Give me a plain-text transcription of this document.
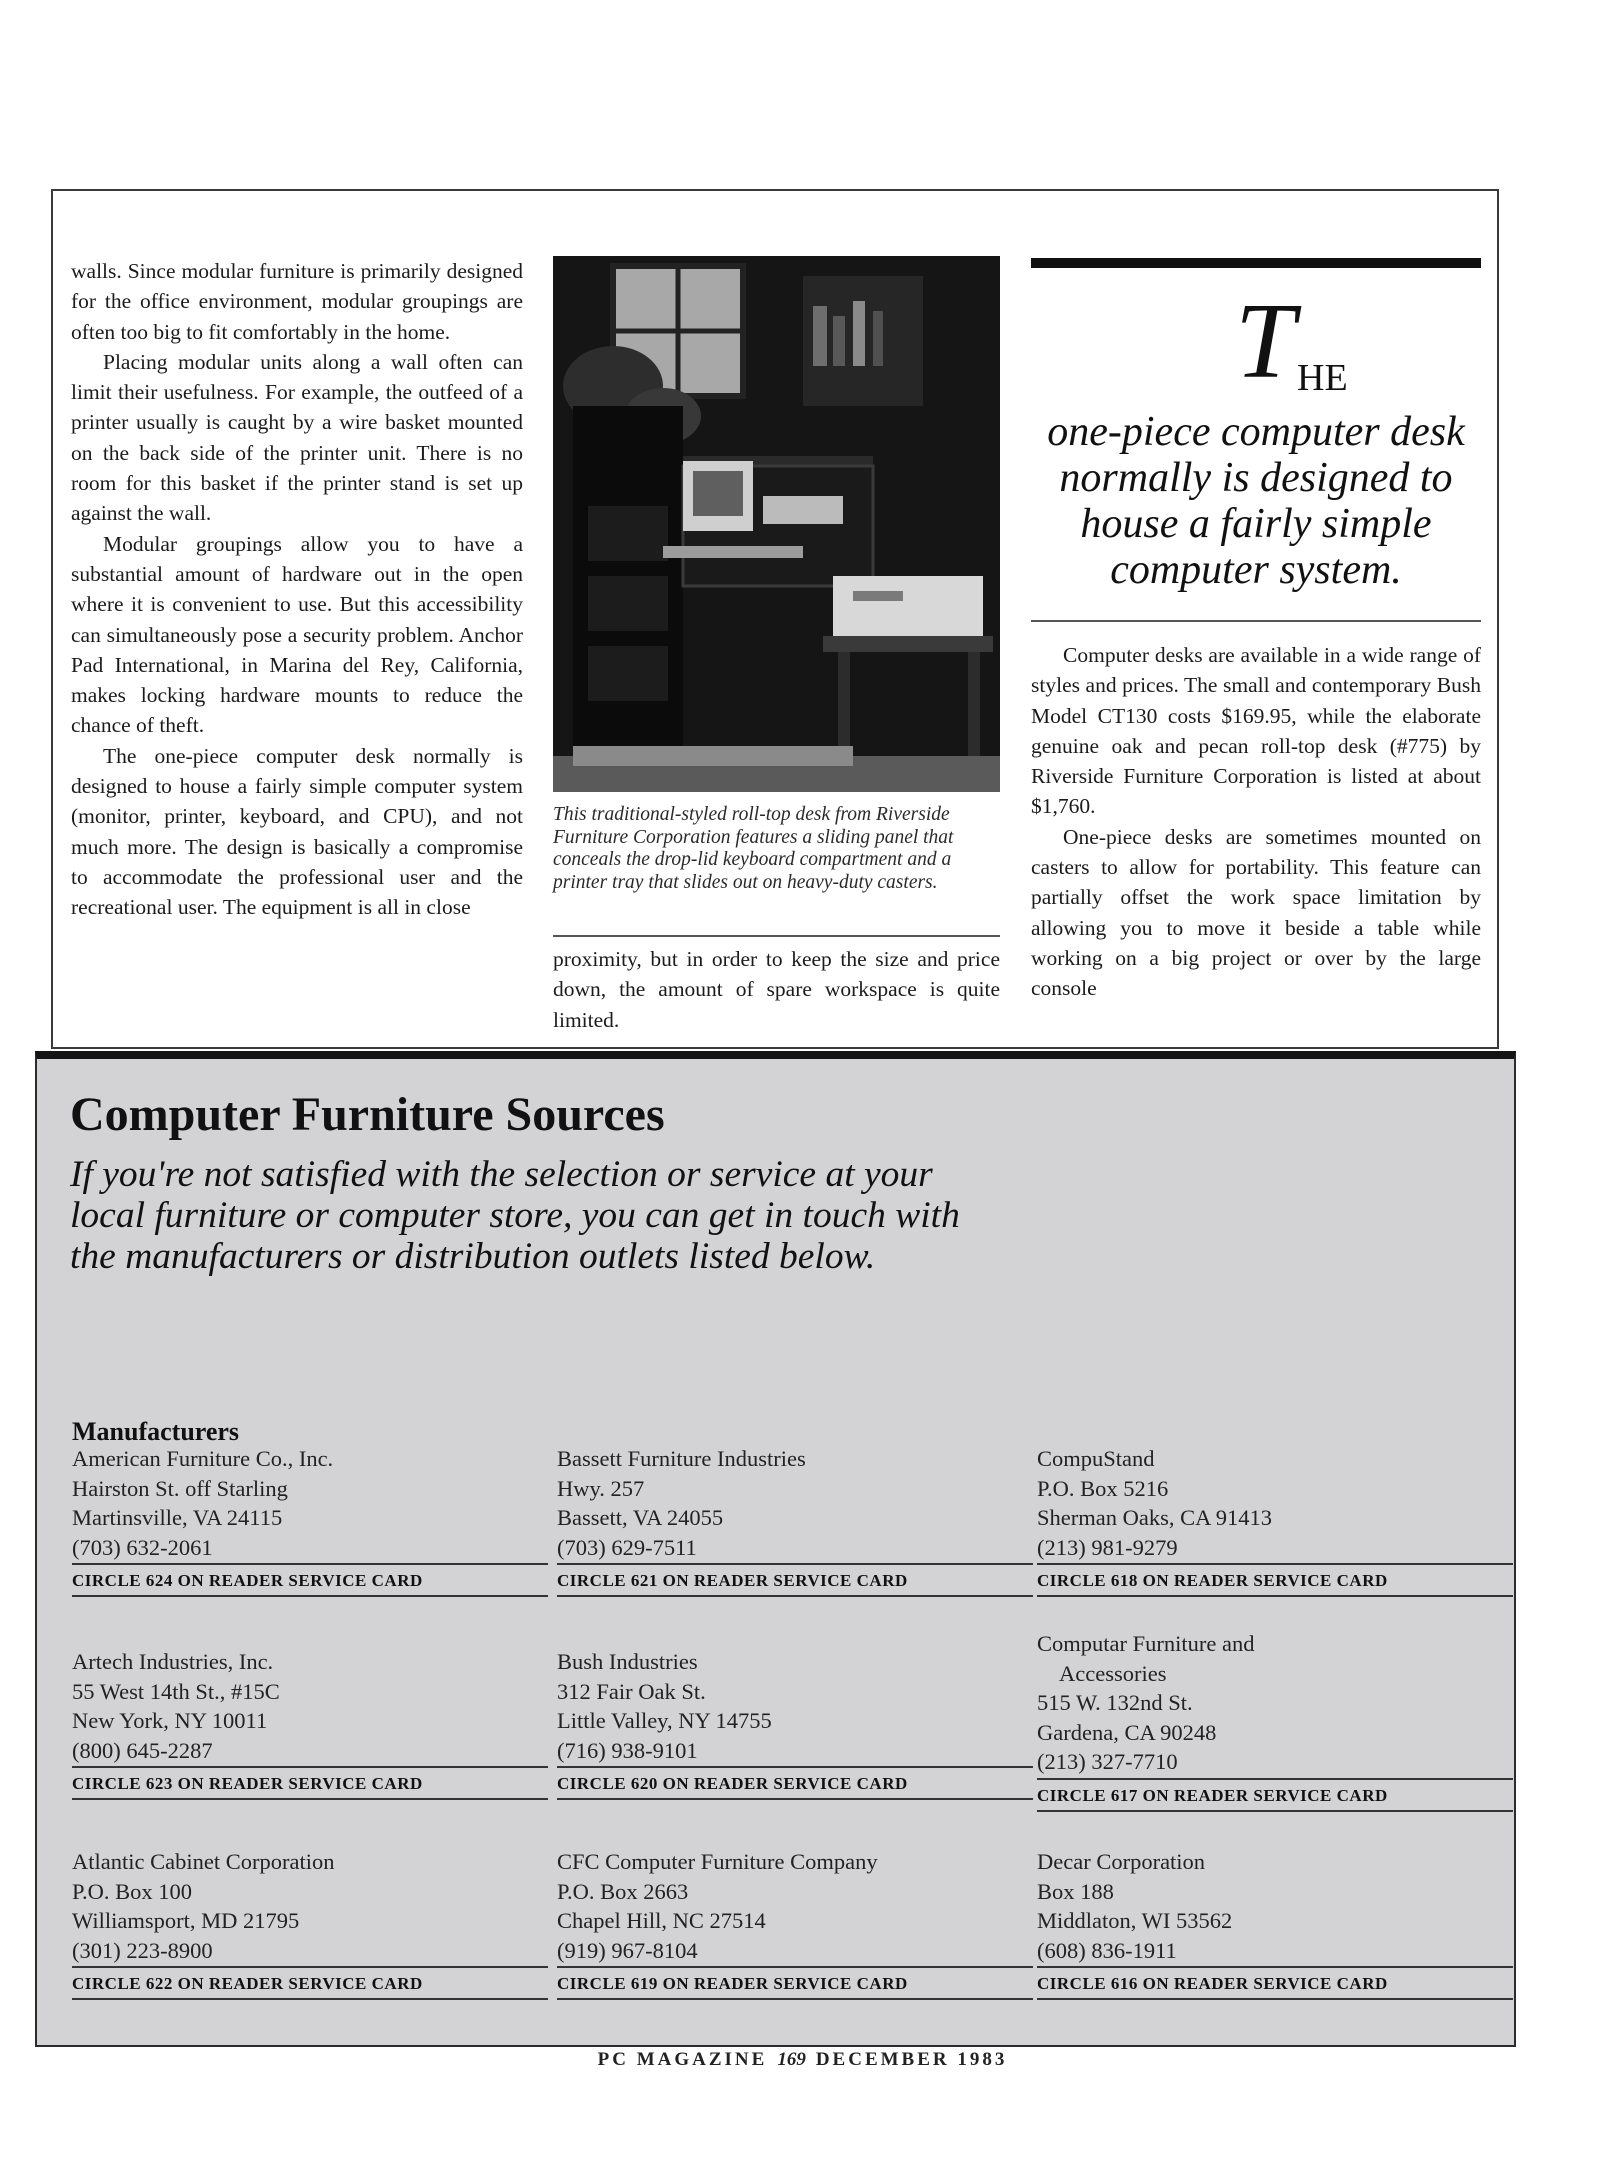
walls. Since modular furniture is primarily designed for the office environment, modular groupings are often too big to fit comfortably in the home.

Placing modular units along a wall often can limit their usefulness. For example, the outfeed of a printer usually is caught by a wire basket mounted on the back side of the printer unit. There is no room for this basket if the printer stand is set up against the wall.

Modular groupings allow you to have a substantial amount of hardware out in the open where it is convenient to use. But this accessibility can simultaneously pose a security problem. Anchor Pad International, in Marina del Rey, California, makes locking hardware mounts to reduce the chance of theft.

The one-piece computer desk normally is designed to house a fairly simple computer system (monitor, printer, keyboard, and CPU), and not much more. The design is basically a compromise to accommodate the professional user and the recreational user. The equipment is all in close

This traditional-styled roll-top desk from Riverside Furniture Corporation features a sliding panel that conceals the drop-lid keyboard compartment and a printer tray that slides out on heavy-duty casters.

proximity, but in order to keep the size and price down, the amount of spare workspace is quite limited.

T HE
one-piece computer desk normally is designed to house a fairly simple computer system.

Computer desks are available in a wide range of styles and prices. The small and contemporary Bush Model CT130 costs $169.95, while the elaborate genuine oak and pecan roll-top desk (#775) by Riverside Furniture Corporation is listed at about $1,760.

One-piece desks are sometimes mounted on casters to allow for portability. This feature can partially offset the work space limitation by allowing you to move it beside a table while working on a big project or over by the large console

Computer Furniture Sources
If you're not satisfied with the selection or service at your local furniture or computer store, you can get in touch with the manufacturers or distribution outlets listed below.
Manufacturers
American Furniture Co., Inc.
Hairston St. off Starling
Martinsville, VA 24115
(703) 632-2061
CIRCLE 624 ON READER SERVICE CARD
Bassett Furniture Industries
Hwy. 257
Bassett, VA 24055
(703) 629-7511
CIRCLE 621 ON READER SERVICE CARD
CompuStand
P.O. Box 5216
Sherman Oaks, CA 91413
(213) 981-9279
CIRCLE 618 ON READER SERVICE CARD
Artech Industries, Inc.
55 West 14th St., #15C
New York, NY 10011
(800) 645-2287
CIRCLE 623 ON READER SERVICE CARD
Bush Industries
312 Fair Oak St.
Little Valley, NY 14755
(716) 938-9101
CIRCLE 620 ON READER SERVICE CARD
Computar Furniture and
Accessories
515 W. 132nd St.
Gardena, CA 90248
(213) 327-7710
CIRCLE 617 ON READER SERVICE CARD
Atlantic Cabinet Corporation
P.O. Box 100
Williamsport, MD 21795
(301) 223-8900
CIRCLE 622 ON READER SERVICE CARD
CFC Computer Furniture Company
P.O. Box 2663
Chapel Hill, NC 27514
(919) 967-8104
CIRCLE 619 ON READER SERVICE CARD
Decar Corporation
Box 188
Middlaton, WI 53562
(608) 836-1911
CIRCLE 616 ON READER SERVICE CARD
PC MAGAZINE 169 DECEMBER 1983
